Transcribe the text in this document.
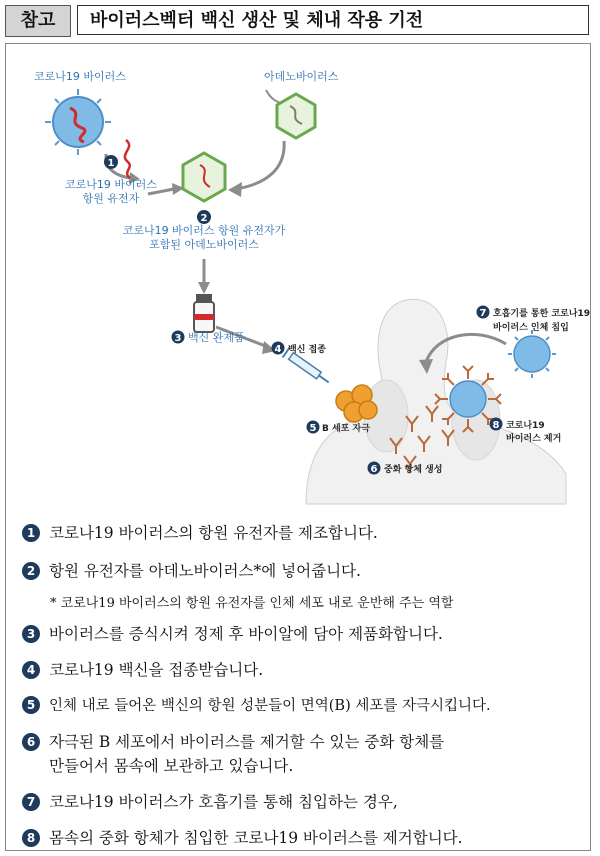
참고	바이러스벡터 백신 생산 및 체내 작용 기전
1
2
3
4
5
6
7
8
코로나19 바이러스	아데노바이러스
코로나19 바이러스
항원 유전자
코로나19 바이러스 항원 유전자가
포함된 아데노바이러스
백신 완제품
백신 접종
B 세포 자극
중화 항체 생성
호흡기를 통한 코로나19
바이러스 인체 침입
코로나19
바이러스 제거
1 코로나19 바이러스의 항원 유전자를 제조합니다.
2 항원 유전자를 아데노바이러스*에 넣어줍니다.
* 코로나19 바이러스의 항원 유전자를 인체 세포 내로 운반해 주는 역할
3 바이러스를 증식시켜 정제 후 바이알에 담아 제품화합니다.
4 코로나19 백신을 접종받습니다.
5 인체 내로 들어온 백신의 항원 성분들이 면역(B) 세포를 자극시킵니다.
6 자극된 B 세포에서 바이러스를 제거할 수 있는 중화 항체를
만들어서 몸속에 보관하고 있습니다.
7 코로나19 바이러스가 호흡기를 통해 침입하는 경우,
8 몸속의 중화 항체가 침입한 코로나19 바이러스를 제거합니다.
